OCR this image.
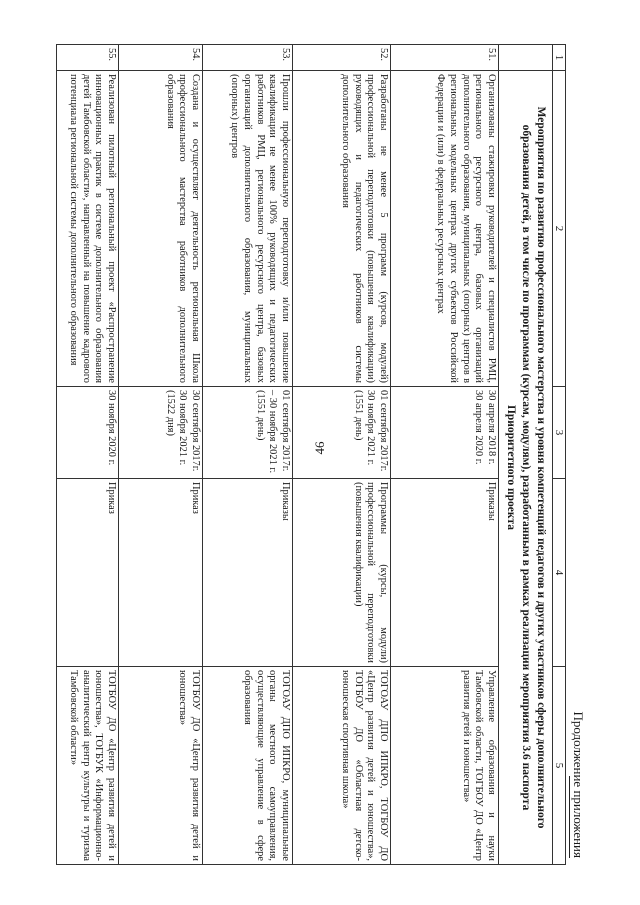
46
Продолжение приложения
1	2	3	4	5
	Мероприятия по развитию профессионального мастерства и уровня компетенций педагогов и других участников сферы дополнительного образования детей, в том числе по программам (курсам, модулям), разработанным в рамках реализации мероприятия 3.6 паспорта Приоритетного проекта			
51.	Организованы стажировки руководителей и специалистов РМЦ, регионального ресурсного центра, базовых организаций дополнительного образования, муниципальных (опорных) центров в региональных модельных центрах других субъектов Российской Федерации и (или) в федеральных ресурсных центрах	30 апреля 2018 г. 30 апреля 2020 г.	Приказы	Управление образования и науки Тамбовской области, ТОГБОУ ДО «Центр развития детей и юношества»
52.	Разработаны не менее 5 программ (курсов, модулей) профессиональной переподготовки (повышения квалификации) руководящих и педагогических работников системы дополнительного образования	01 сентября 2017г. 30 ноября 2021 г. (1551 день)	Программы (курсы, модули) профессиональной переподготовки (повышения квалификации)	ТОГОАУ ДПО ИПКРО, ТОГБОУ ДО «Центр развития детей и юношества», ТОГБОУ ДО «Областная детско-юношеская спортивная школа»
53.	Прошли профессиональную переподготовку и/или повышение квалификации не менее 100% руководящих и педагогических работников РМЦ, регионального ресурсного центра, базовых организаций дополнительного образования, муниципальных (опорных) центров	01 сентября 2017г. – 30 ноября 2021 г. (1551 день)	Приказы	ТОГОАУ ДПО ИПКРО, муниципальные органы местного самоуправления, осуществляющие управление в сфере образования
54.	Создана и осуществляет деятельность региональная Школа профессионального мастерства работников дополнительного образования	30 сентября 2017г. 30 ноября 2021 г. (1522 дня)	Приказ	ТОГБОУ ДО «Центр развития детей и юношества»
55.	Реализован пилотный региональный проект «Распространение инновационных практик в системе дополнительного образования детей Тамбовской области», направленный на повышение кадрового потенциала региональной системы дополнительного образования	30 ноября 2020 г.	Приказ	ТОГБОУ ДО «Центр развития детей и юношества», ТОГБУК «Информационно-аналитический центр культуры и туризма Тамбовской области»
